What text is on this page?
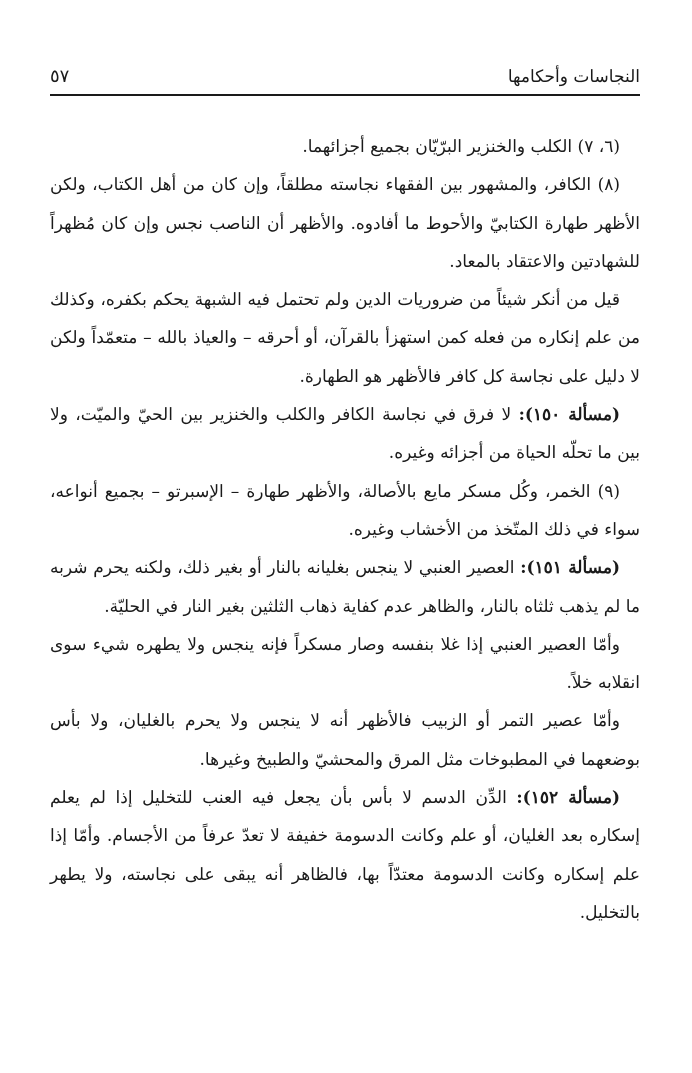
النجاسات وأحكامها
٥٧

(٦، ٧) الكلب والخنزير البرّيّان بجميع أجزائهما.

(٨) الكافر، والمشهور بين الفقهاء نجاسته مطلقاً، وإن كان من أهل الكتاب، ولكن الأظهر طهارة الكتابيّ والأحوط ما أفادوه. والأظهر أن الناصب نجس وإن كان مُظهراً للشهادتين والاعتقاد بالمعاد.

قيل من أنكر شيئاً من ضروريات الدين ولم تحتمل فيه الشبهة يحكم بكفره، وكذلك من علم إنكاره من فعله كمن استهزأ بالقرآن، أو أحرقه – والعياذ بالله – متعمّداً ولكن لا دليل على نجاسة كل كافر فالأظهر هو الطهارة.

(مسألة ١٥٠): لا فرق في نجاسة الكافر والكلب والخنزير بين الحيّ والميّت، ولا بين ما تحلّه الحياة من أجزائه وغيره.

(٩) الخمر، وكُل مسكر مايع بالأصالة، والأظهر طهارة – الإسبرتو – بجميع أنواعه، سواء في ذلك المتّخذ من الأخشاب وغيره.

(مسألة ١٥١): العصير العنبي لا ينجس بغليانه بالنار أو بغير ذلك، ولكنه يحرم شربه ما لم يذهب ثلثاه بالنار، والظاهر عدم كفاية ذهاب الثلثين بغير النار في الحليّة.

وأمّا العصير العنبي إذا غلا بنفسه وصار مسكراً فإنه ينجس ولا يطهره شيء سوى انقلابه خلاً.

وأمّا عصير التمر أو الزبيب فالأظهر أنه لا ينجس ولا يحرم بالغليان، ولا بأس بوضعهما في المطبوخات مثل المرق والمحشيّ والطبيخ وغيرها.

(مسألة ١٥٢): الدِّن الدسم لا بأس بأن يجعل فيه العنب للتخليل إذا لم يعلم إسكاره بعد الغليان، أو علم وكانت الدسومة خفيفة لا تعدّ عرفاً من الأجسام. وأمّا إذا علم إسكاره وكانت الدسومة معتدّاً بها، فالظاهر أنه يبقى على نجاسته، ولا يطهر بالتخليل.
